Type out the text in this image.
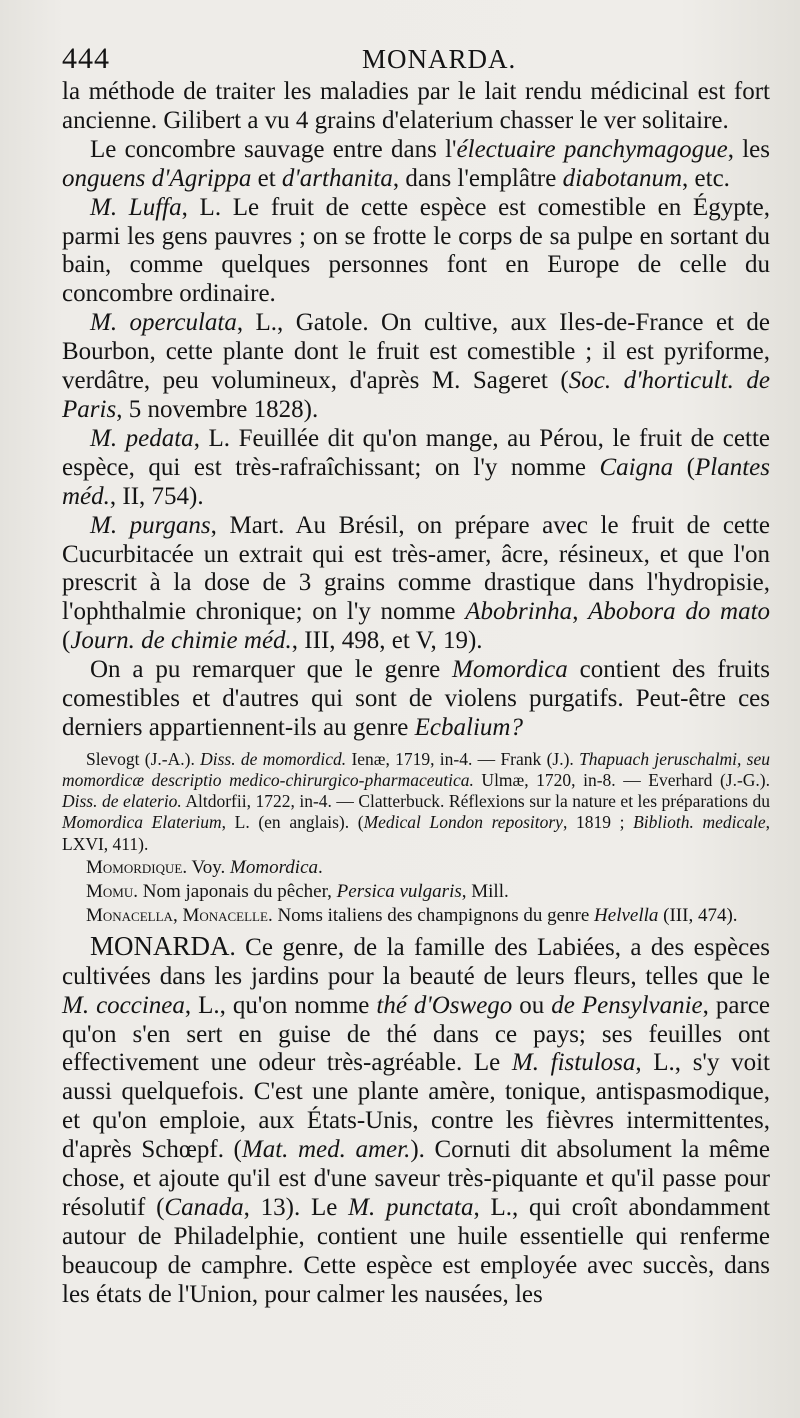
444	MONARDA.

la méthode de traiter les maladies par le lait rendu médicinal est fort ancienne. Gilibert a vu 4 grains d'elaterium chasser le ver solitaire.

Le concombre sauvage entre dans l'électuaire panchymagogue, les onguens d'Agrippa et d'arthanita, dans l'emplâtre diabotanum, etc.

M. Luffa, L. Le fruit de cette espèce est comestible en Égypte, parmi les gens pauvres ; on se frotte le corps de sa pulpe en sortant du bain, comme quelques personnes font en Europe de celle du concombre ordinaire.

M. operculata, L., Gatole. On cultive, aux Iles-de-France et de Bourbon, cette plante dont le fruit est comestible ; il est pyriforme, verdâtre, peu volumineux, d'après M. Sageret (Soc. d'horticult. de Paris, 5 novembre 1828).

M. pedata, L. Feuillée dit qu'on mange, au Pérou, le fruit de cette espèce, qui est très-rafraîchissant; on l'y nomme Caigna (Plantes méd., II, 754).

M. purgans, Mart. Au Brésil, on prépare avec le fruit de cette Cucurbitacée un extrait qui est très-amer, âcre, résineux, et que l'on prescrit à la dose de 3 grains comme drastique dans l'hydropisie, l'ophthalmie chronique; on l'y nomme Abobrinha, Abobora do mato (Journ. de chimie méd., III, 498, et V, 19).

On a pu remarquer que le genre Momordica contient des fruits comestibles et d'autres qui sont de violens purgatifs. Peut-être ces derniers appartiennent-ils au genre Ecbalium?

Slevogt (J.-A.). Diss. de momordicd. Ienæ, 1719, in-4. — Frank (J.). Thapuach jeruschalmi, seu momordicæ descriptio medico-chirurgico-pharmaceutica. Ulmæ, 1720, in-8. — Everhard (J.-G.). Diss. de elaterio. Altdorfii, 1722, in-4. — Clatterbuck. Réflexions sur la nature et les préparations du Momordica Elaterium, L. (en anglais). (Medical London repository, 1819 ; Biblioth. medicale, LXVI, 411).

Momordique. Voy. Momordica.

Momu. Nom japonais du pêcher, Persica vulgaris, Mill.

Monacella, Monacelle. Noms italiens des champignons du genre Helvella (III, 474).

MONARDA. Ce genre, de la famille des Labiées, a des espèces cultivées dans les jardins pour la beauté de leurs fleurs, telles que le M. coccinea, L., qu'on nomme thé d'Oswego ou de Pensylvanie, parce qu'on s'en sert en guise de thé dans ce pays; ses feuilles ont effectivement une odeur très-agréable. Le M. fistulosa, L., s'y voit aussi quelquefois. C'est une plante amère, tonique, antispasmodique, et qu'on emploie, aux États-Unis, contre les fièvres intermittentes, d'après Schœpf. (Mat. med. amer.). Cornuti dit absolument la même chose, et ajoute qu'il est d'une saveur très-piquante et qu'il passe pour résolutif (Canada, 13). Le M. punctata, L., qui croît abondamment autour de Philadelphie, contient une huile essentielle qui renferme beaucoup de camphre. Cette espèce est employée avec succès, dans les états de l'Union, pour calmer les nausées, les
